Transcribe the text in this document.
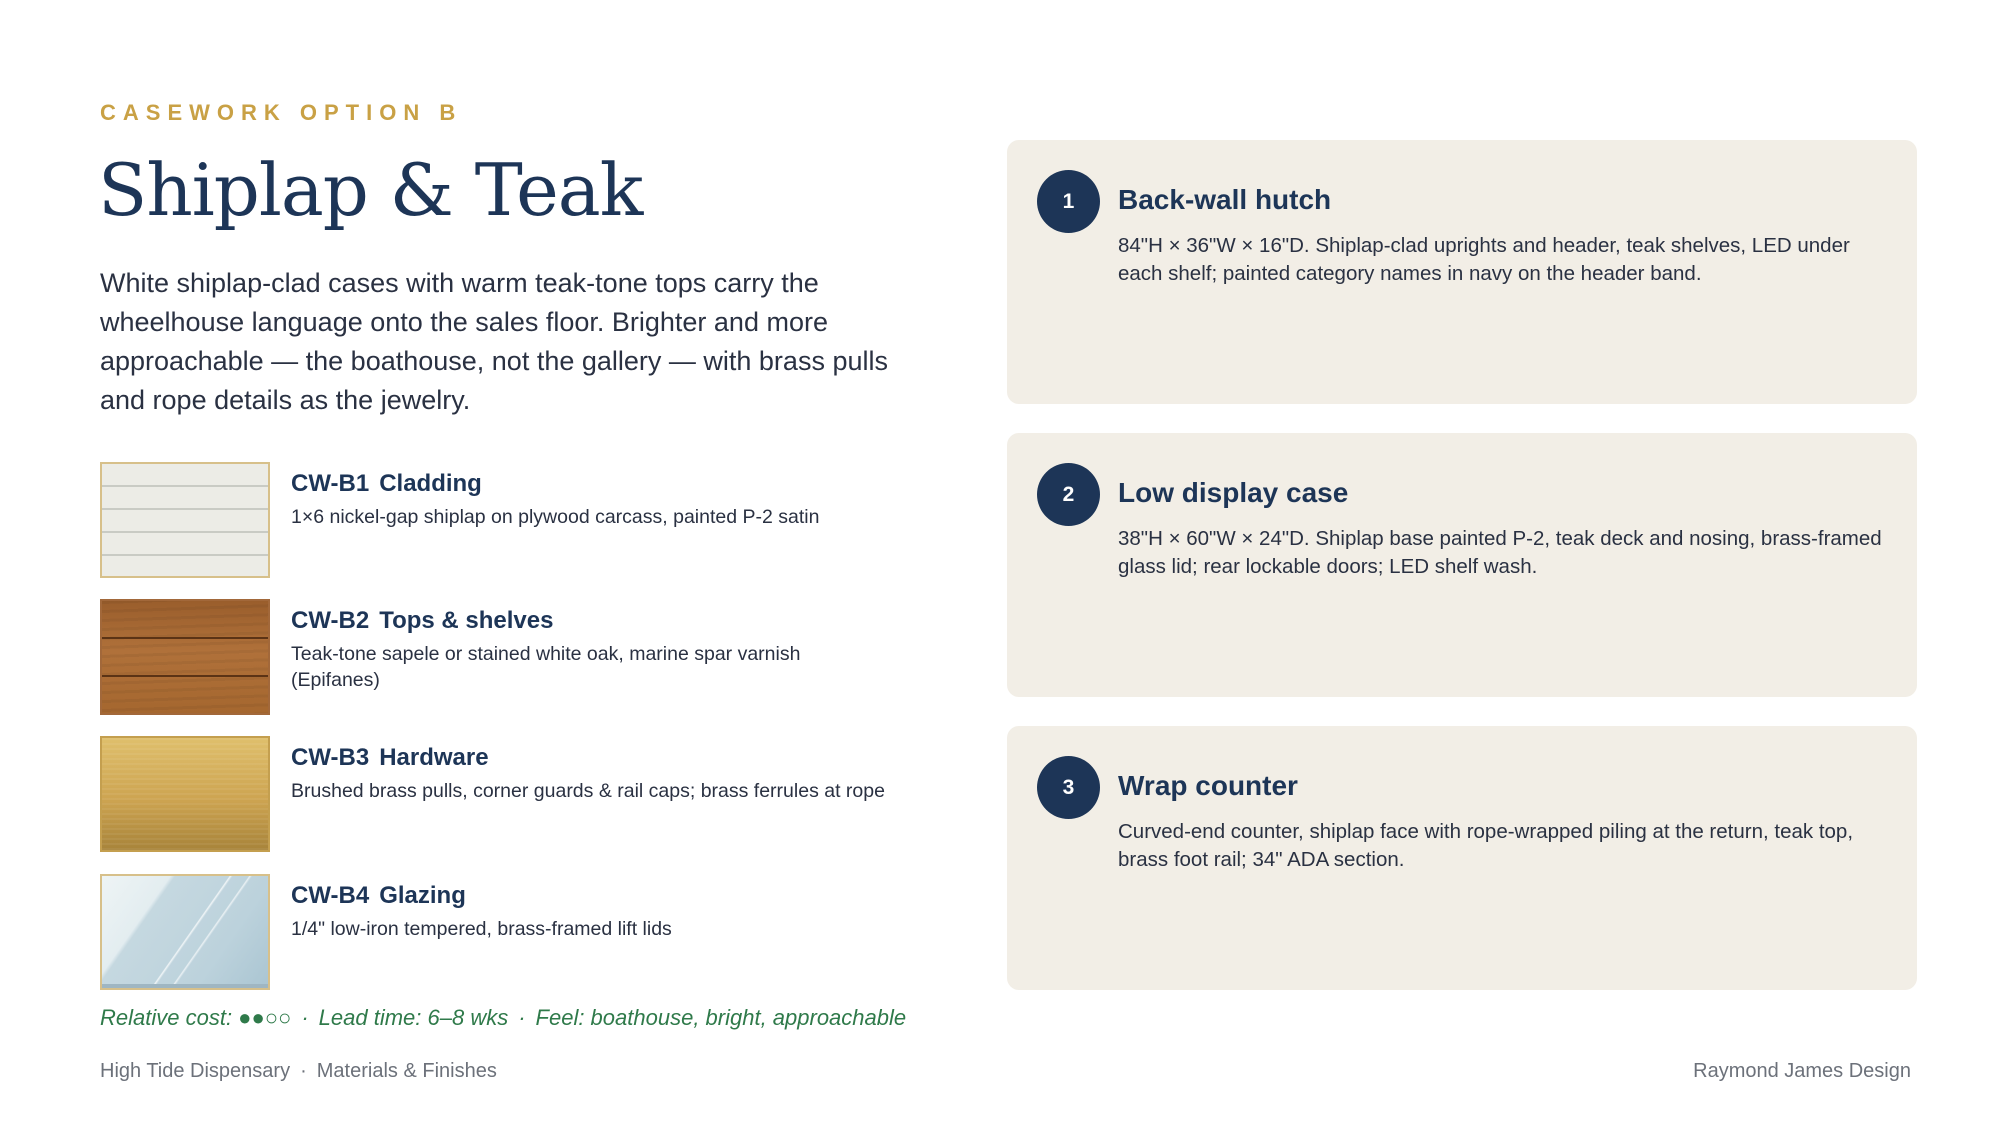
CASEWORK OPTION B
Shiplap & Teak

White shiplap-clad cases with warm teak-tone tops carry the wheelhouse language onto the sales floor. Brighter and more approachable — the boathouse, not the gallery — with brass pulls and rope details as the jewelry.

CW-B1 Cladding
1×6 nickel-gap shiplap on plywood carcass, painted P-2 satin
CW-B2 Tops & shelves
Teak-tone sapele or stained white oak, marine spar varnish (Epifanes)
CW-B3 Hardware
Brushed brass pulls, corner guards & rail caps; brass ferrules at rope
CW-B4 Glazing
1/4" low-iron tempered, brass-framed lift lids
Relative cost: ●●○○ · Lead time: 6–8 wks · Feel: boathouse, bright, approachable
1	Back-wall hutch
84"H × 36"W × 16"D. Shiplap-clad uprights and header, teak shelves, LED under each shelf; painted category names in navy on the header band.
2	Low display case
38"H × 60"W × 24"D. Shiplap base painted P-2, teak deck and nosing, brass-framed glass lid; rear lockable doors; LED shelf wash.
3	Wrap counter
Curved-end counter, shiplap face with rope-wrapped piling at the return, teak top, brass foot rail; 34" ADA section.
High Tide Dispensary · Materials & Finishes	Raymond James Design
